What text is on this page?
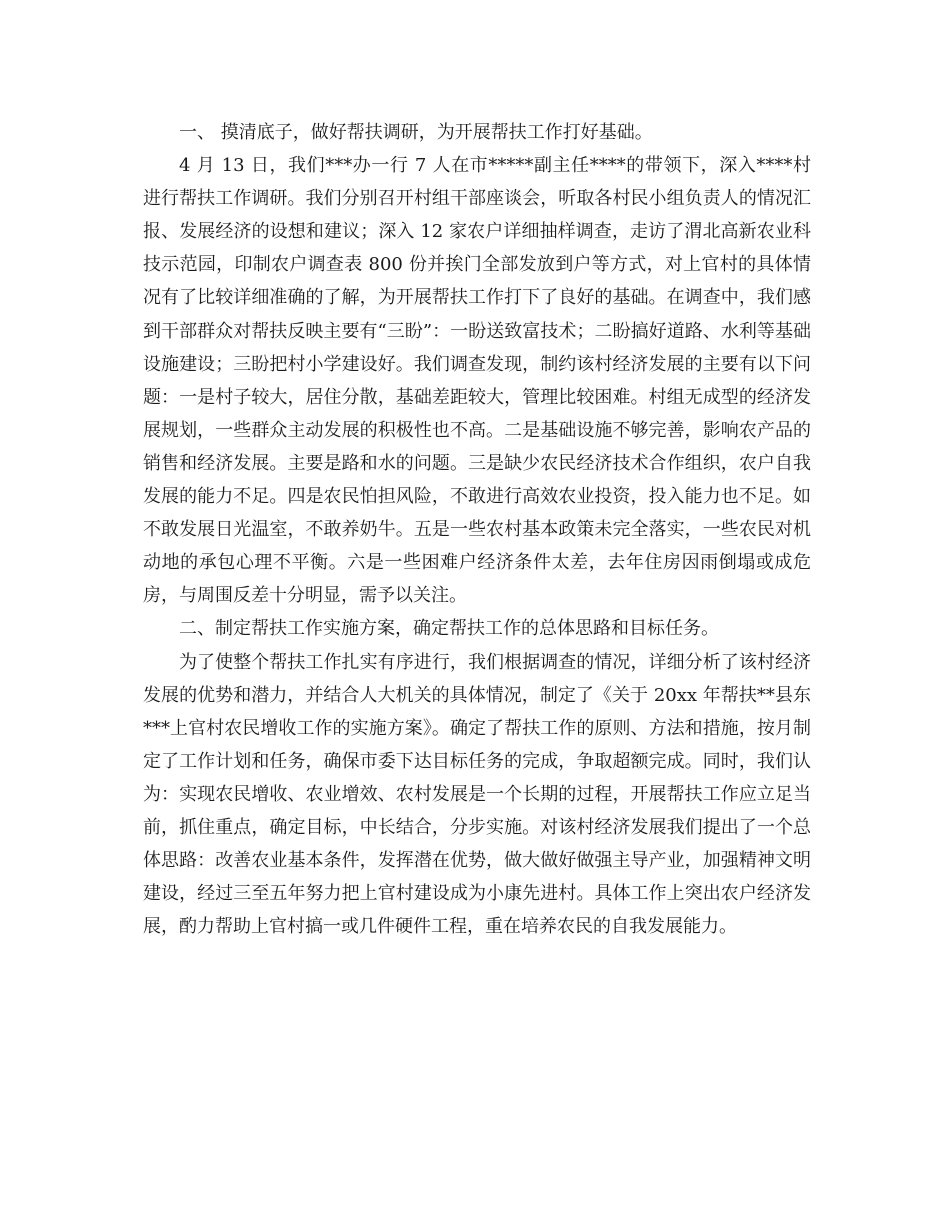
一、 摸清底子，做好帮扶调研，为开展帮扶工作打好基础。

4 月 13 日，我们***办一行 7 人在市*****副主任****的带领下，深入****村进行帮扶工作调研。我们分别召开村组干部座谈会，听取各村民小组负责人的情况汇报、发展经济的设想和建议；深入 12 家农户详细抽样调查，走访了渭北高新农业科技示范园，印制农户调查表 800 份并挨门全部发放到户等方式，对上官村的具体情况有了比较详细准确的了解，为开展帮扶工作打下了良好的基础。在调查中，我们感到干部群众对帮扶反映主要有“三盼”：一盼送致富技术；二盼搞好道路、水利等基础设施建设；三盼把村小学建设好。我们调查发现，制约该村经济发展的主要有以下问题：一是村子较大，居住分散，基础差距较大，管理比较困难。村组无成型的经济发展规划，一些群众主动发展的积极性也不高。二是基础设施不够完善，影响农产品的销售和经济发展。主要是路和水的问题。三是缺少农民经济技术合作组织，农户自我发展的能力不足。四是农民怕担风险，不敢进行高效农业投资，投入能力也不足。如不敢发展日光温室，不敢养奶牛。五是一些农村基本政策未完全落实，一些农民对机动地的承包心理不平衡。六是一些困难户经济条件太差，去年住房因雨倒塌或成危房，与周围反差十分明显，需予以关注。

二、制定帮扶工作实施方案，确定帮扶工作的总体思路和目标任务。

为了使整个帮扶工作扎实有序进行，我们根据调查的情况，详细分析了该村经济发展的优势和潜力，并结合人大机关的具体情况，制定了《关于 20xx 年帮扶**县东***上官村农民增收工作的实施方案》。确定了帮扶工作的原则、方法和措施，按月制定了工作计划和任务，确保市委下达目标任务的完成，争取超额完成。同时，我们认为：实现农民增收、农业增效、农村发展是一个长期的过程，开展帮扶工作应立足当前，抓住重点，确定目标，中长结合，分步实施。对该村经济发展我们提出了一个总体思路：改善农业基本条件，发挥潜在优势，做大做好做强主导产业，加强精神文明建设，经过三至五年努力把上官村建设成为小康先进村。具体工作上突出农户经济发展，酌力帮助上官村搞一或几件硬件工程，重在培养农民的自我发展能力。
